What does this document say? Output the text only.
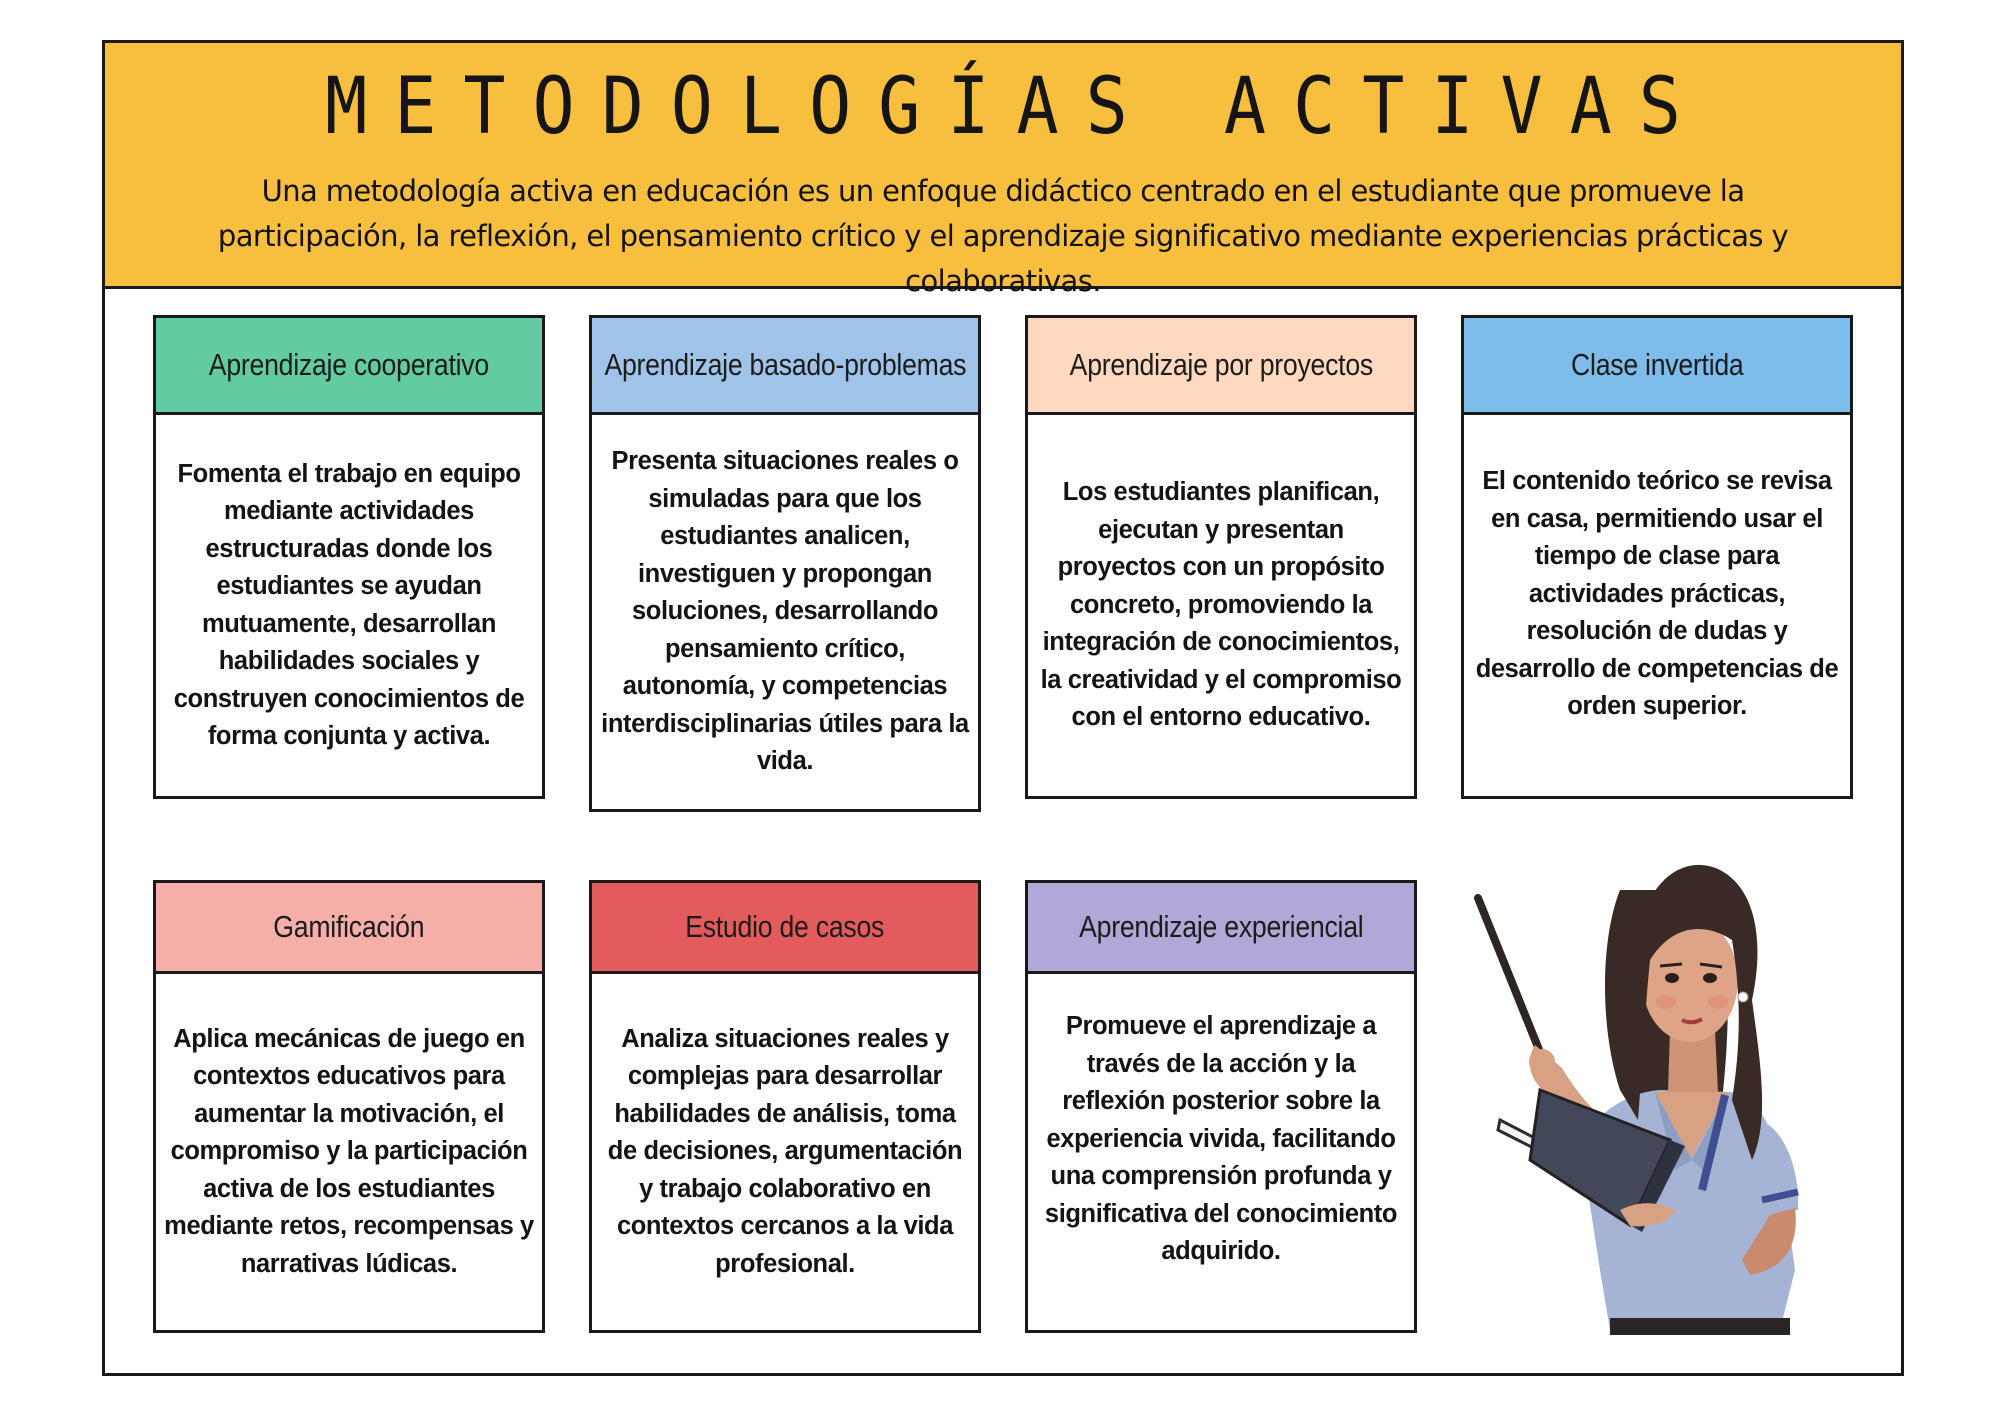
METODOLOGÍAS ACTIVAS
Una metodología activa en educación es un enfoque didáctico centrado en el estudiante que promueve la participación, la reflexión, el pensamiento crítico y el aprendizaje significativo mediante experiencias prácticas y colaborativas.
Aprendizaje cooperativo
Fomenta el trabajo en equipo mediante actividades estructuradas donde los estudiantes se ayudan mutuamente, desarrollan habilidades sociales y construyen conocimientos de forma conjunta y activa.
Aprendizaje basado-problemas
Presenta situaciones reales o simuladas para que los estudiantes analicen, investiguen y propongan soluciones, desarrollando pensamiento crítico, autonomía, y competencias interdisciplinarias útiles para la vida.
Aprendizaje por proyectos
Los estudiantes planifican, ejecutan y presentan proyectos con un propósito concreto, promoviendo la integración de conocimientos, la creatividad y el compromiso con el entorno educativo.
Clase invertida
El contenido teórico se revisa en casa, permitiendo usar el tiempo de clase para actividades prácticas, resolución de dudas y desarrollo de competencias de orden superior.
Gamificación
Aplica mecánicas de juego en contextos educativos para aumentar la motivación, el compromiso y la participación activa de los estudiantes mediante retos, recompensas y narrativas lúdicas.
Estudio de casos
Analiza situaciones reales y complejas para desarrollar habilidades de análisis, toma de decisiones, argumentación y trabajo colaborativo en contextos cercanos a la vida profesional.
Aprendizaje experiencial
Promueve el aprendizaje a través de la acción y la reflexión posterior sobre la experiencia vivida, facilitando una comprensión profunda y significativa del conocimiento adquirido.
